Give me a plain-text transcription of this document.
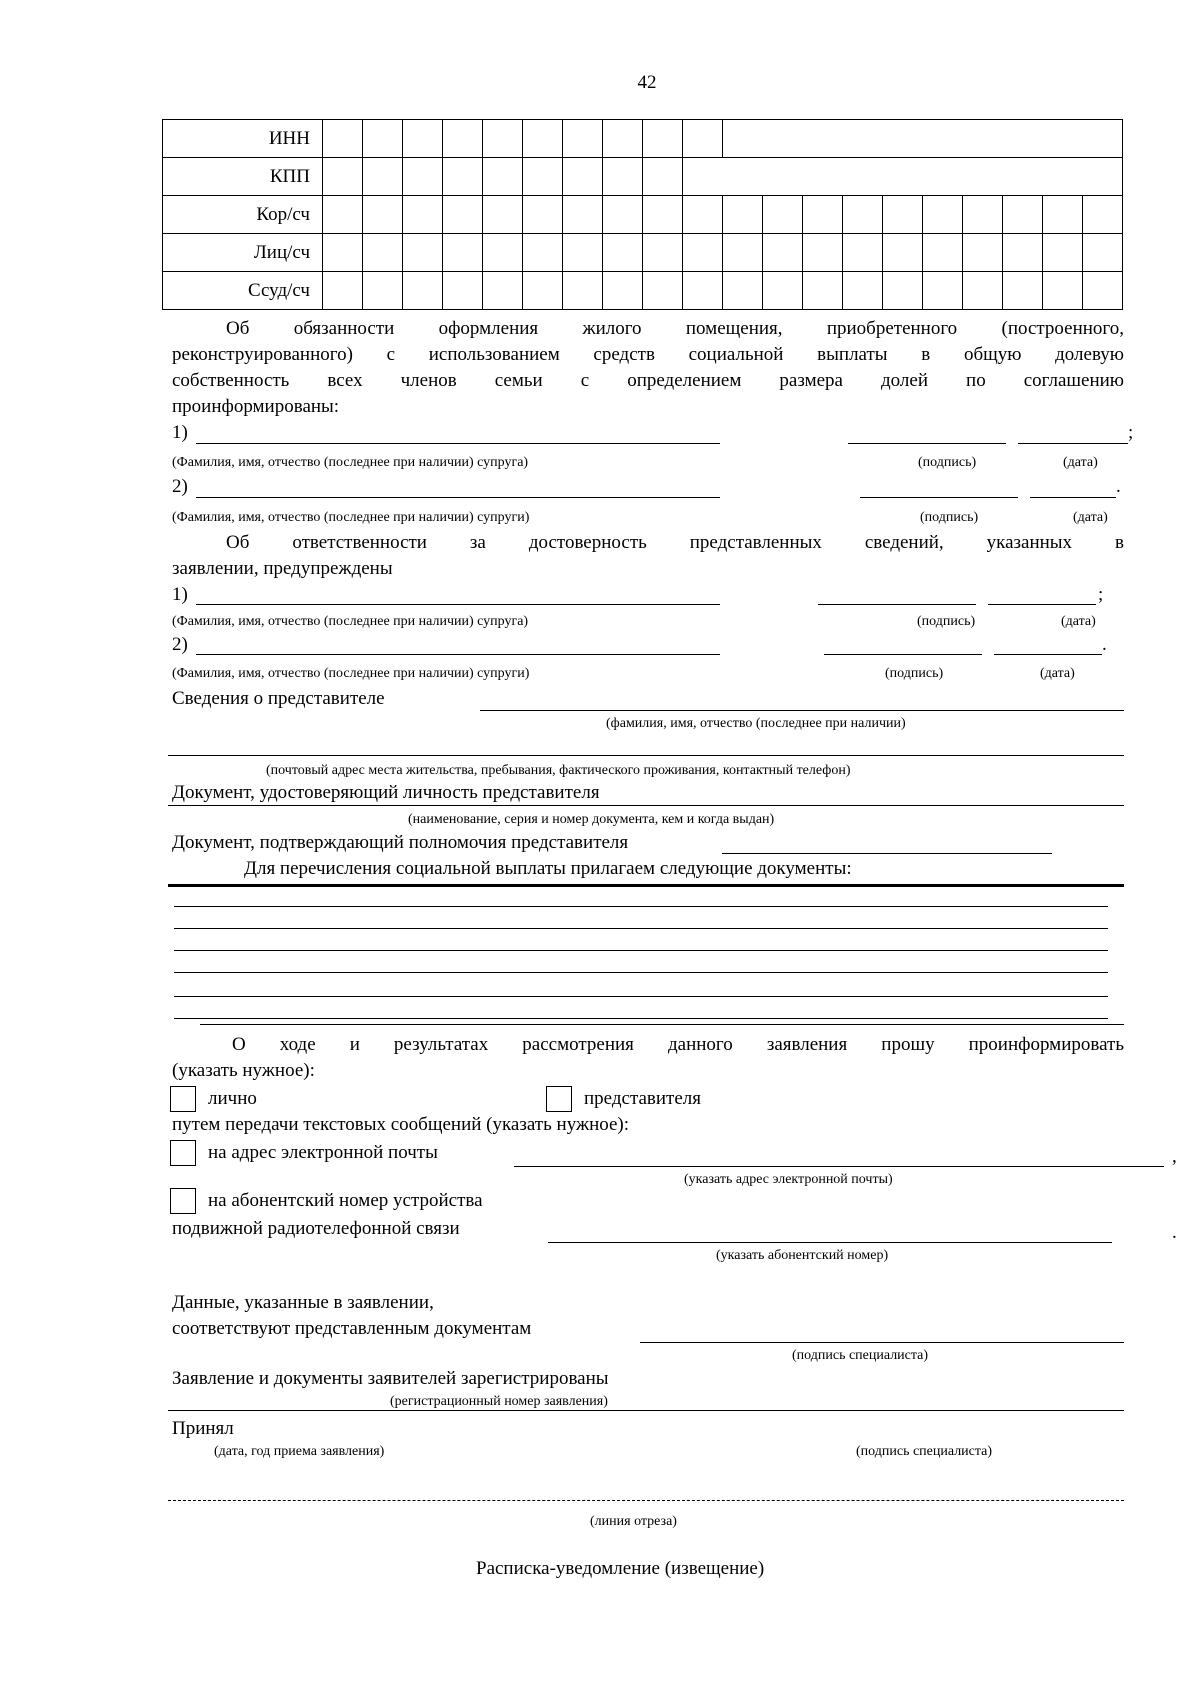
42
ИНН																				
КПП																				
Кор/сч																				
Лиц/сч																				
Ссуд/сч																				
Об обязанности оформления жилого помещения, приобретенного (построенного,
реконструированного) с использованием средств социальной выплаты в общую долевую
собственность всех членов семьи с определением размера долей по соглашению
проинформированы:
1)	;
(Фамилия, имя, отчество (последнее при наличии) супруга)	(подпись)	(дата)
2)	.
(Фамилия, имя, отчество (последнее при наличии) супруги)	(подпись)	(дата)
Об ответственности за достоверность представленных сведений, указанных в
заявлении, предупреждены
1)	;
(Фамилия, имя, отчество (последнее при наличии) супруга)	(подпись)	(дата)
2)	.
(Фамилия, имя, отчество (последнее при наличии) супруги)	(подпись)	(дата)
Сведения о представителе
(фамилия, имя, отчество (последнее при наличии)
(почтовый адрес места жительства, пребывания, фактического проживания, контактный телефон)
Документ, удостоверяющий личность представителя
(наименование, серия и номер документа, кем и когда выдан)
Документ, подтверждающий полномочия представителя
Для перечисления социальной выплаты прилагаем следующие документы:
О ходе и результатах рассмотрения данного заявления прошу проинформировать
(указать нужное):
лично	представителя
путем передачи текстовых сообщений (указать нужное):
на адрес электронной почты	,
(указать адрес электронной почты)
на абонентский номер устройства
подвижной радиотелефонной связи	.
(указать абонентский номер)
Данные, указанные в заявлении,
соответствуют представленным документам
(подпись специалиста)
Заявление и документы заявителей зарегистрированы
(регистрационный номер заявления)
Принял
(дата, год приема заявления)	(подпись специалиста)
(линия отреза)
Расписка-уведомление (извещение)
